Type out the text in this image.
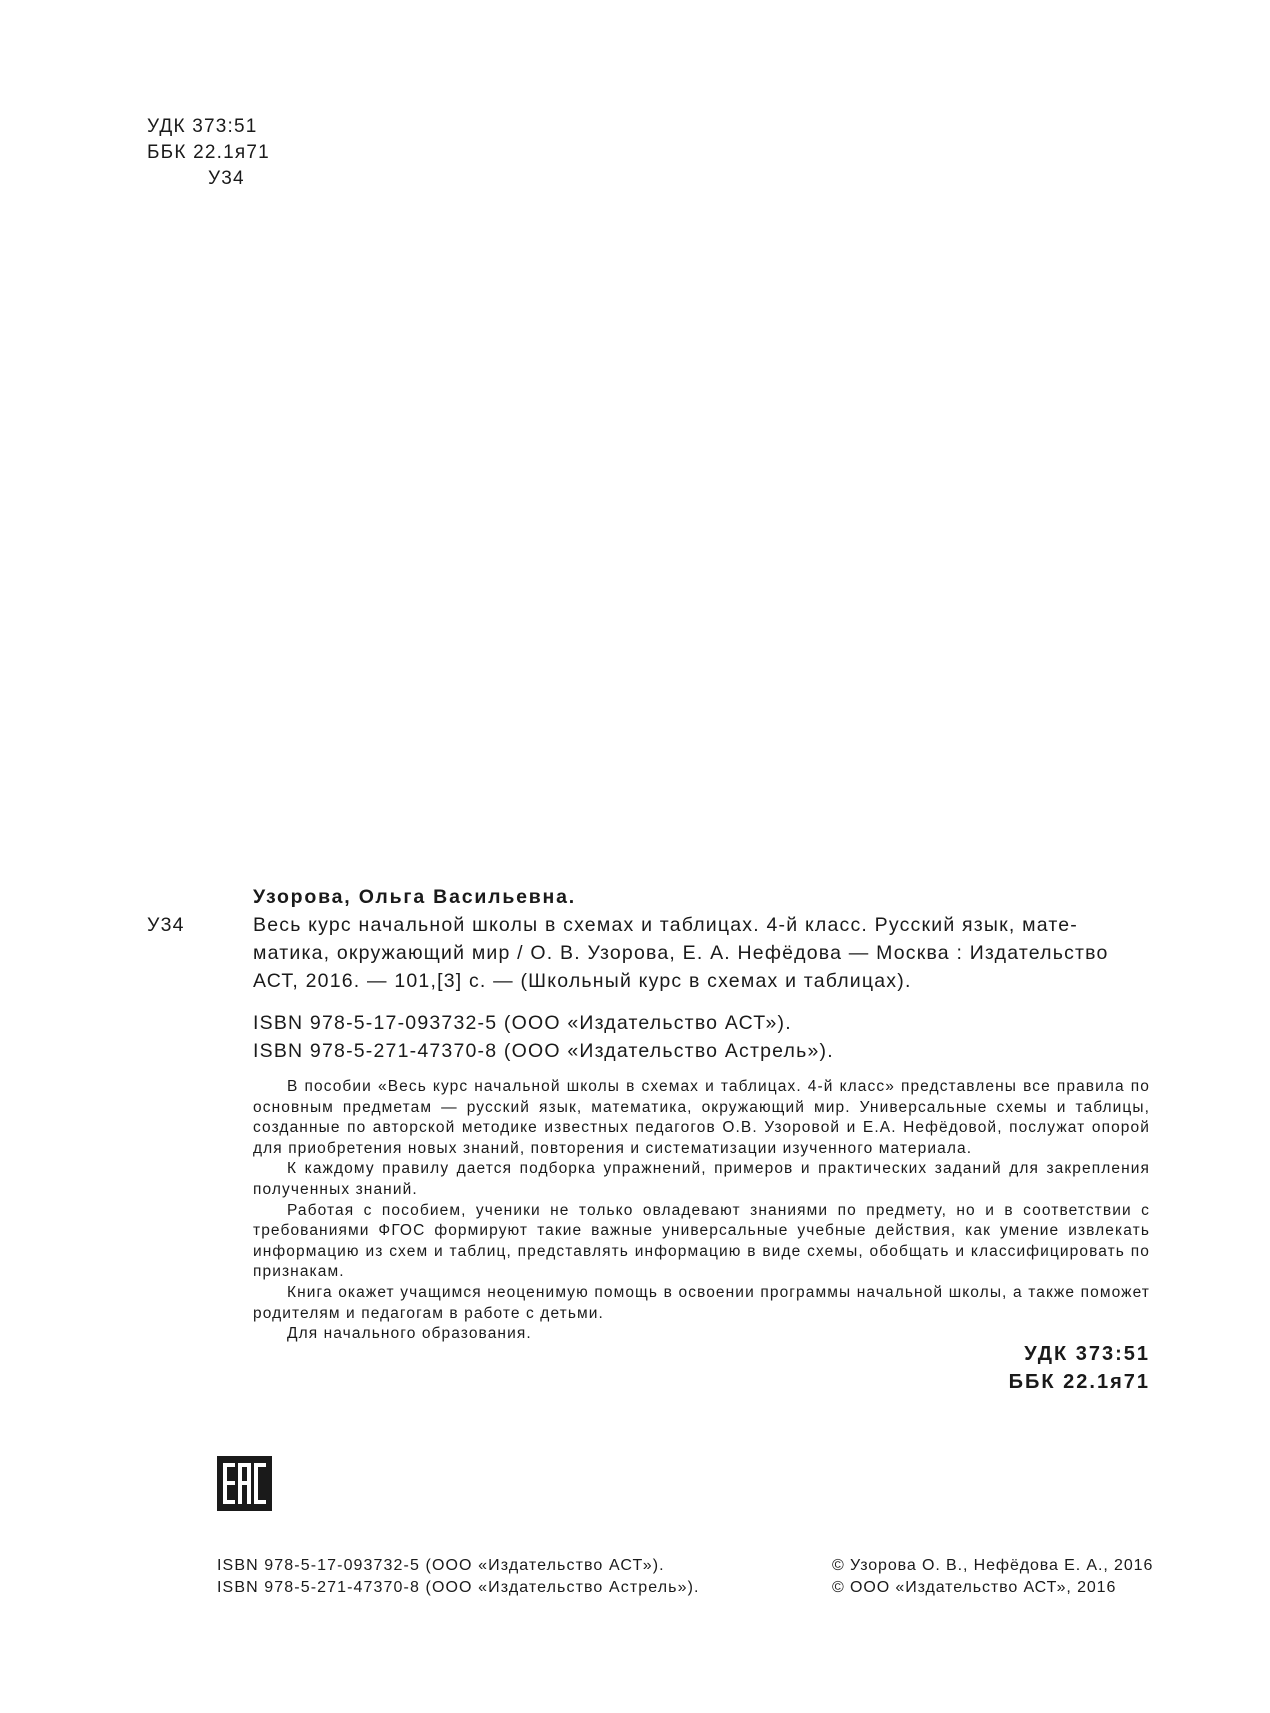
УДК 373:51
ББК 22.1я71
У34
Узорова, Ольга Васильевна.
У34	Весь курс начальной школы в схемах и таблицах. 4-й класс. Русский язык, мате-
матика, окружающий мир / О. В. Узорова, Е. А. Нефёдова — Москва : Издательство
АСТ, 2016. — 101,[3] с. — (Школьный курс в схемах и таблицах).
ISBN 978-5-17-093732-5 (ООО «Издательство АСТ»).
ISBN 978-5-271-47370-8 (ООО «Издательство Астрель»).

В пособии «Весь курс начальной школы в схемах и таблицах. 4-й класс» представлены все правила по основным предметам — русский язык, математика, окружающий мир. Универсальные схемы и таблицы, созданные по авторской методике известных педагогов О.В. Узоровой и Е.А. Нефёдовой, послужат опорой для приобретения новых знаний, повторения и систематизации изученного материала.

К каждому правилу дается подборка упражнений, примеров и практических заданий для закрепления полученных знаний.

Работая с пособием, ученики не только овладевают знаниями по предмету, но и в соответствии с требованиями ФГОС формируют такие важные универсальные учебные действия, как умение извлекать информацию из схем и таблиц, представлять информацию в виде схемы, обобщать и классифицировать по признакам.

Книга окажет учащимся неоценимую помощь в освоении программы начальной школы, а также поможет родителям и педагогам в работе с детьми.

Для начального образования.

УДК 373:51
ББК 22.1я71
ISBN 978-5-17-093732-5 (ООО «Издательство АСТ»).
ISBN 978-5-271-47370-8 (ООО «Издательство Астрель»).
© Узорова О. В., Нефёдова Е. А., 2016
© ООО «Издательство АСТ», 2016
